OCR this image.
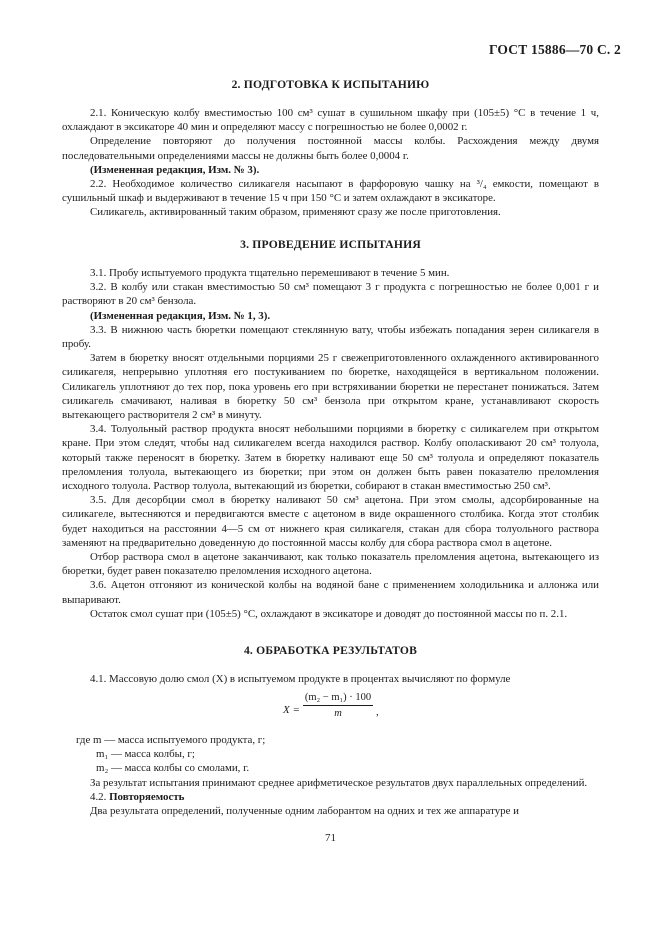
ГОСТ 15886—70 С. 2
2. ПОДГОТОВКА К ИСПЫТАНИЮ

2.1. Коническую колбу вместимостью 100 см³ сушат в сушильном шкафу при (105±5) °С в течение 1 ч, охлаждают в эксикаторе 40 мин и определяют массу с погрешностью не более 0,0002 г.

Определение повторяют до получения постоянной массы колбы. Расхождения между двумя последовательными определениями массы не должны быть более 0,0004 г.

(Измененная редакция, Изм. № 3).

2.2. Необходимое количество силикагеля насыпают в фарфоровую чашку на ³/₄ емкости, помещают в сушильный шкаф и выдерживают в течение 15 ч при 150 °С и затем охлаждают в эксикаторе.

Силикагель, активированный таким образом, применяют сразу же после приготовления.

3. ПРОВЕДЕНИЕ ИСПЫТАНИЯ

3.1. Пробу испытуемого продукта тщательно перемешивают в течение 5 мин.

3.2. В колбу или стакан вместимостью 50 см³ помещают 3 г продукта с погрешностью не более 0,001 г и растворяют в 20 см³ бензола.

(Измененная редакция, Изм. № 1, 3).

3.3. В нижнюю часть бюретки помещают стеклянную вату, чтобы избежать попадания зерен силикагеля в пробу.

Затем в бюретку вносят отдельными порциями 25 г свежеприготовленного охлажденного активированного силикагеля, непрерывно уплотняя его постукиванием по бюретке, находящейся в вертикальном положении. Силикагель уплотняют до тех пор, пока уровень его при встряхивании бюретки не перестанет понижаться. Затем силикагель смачивают, наливая в бюретку 50 см³ бензола при открытом кране, устанавливают скорость вытекающего растворителя 2 см³ в минуту.

3.4. Толуольный раствор продукта вносят небольшими порциями в бюретку с силикагелем при открытом кране. При этом следят, чтобы над силикагелем всегда находился раствор. Колбу ополаскивают 20 см³ толуола, который также переносят в бюретку. Затем в бюретку наливают еще 50 см³ толуола и определяют показатель преломления толуола, вытекающего из бюретки; при этом он должен быть равен показателю преломления исходного толуола. Раствор толуола, вытекающий из бюретки, собирают в стакан вместимостью 250 см³.

3.5. Для десорбции смол в бюретку наливают 50 см³ ацетона. При этом смолы, адсорбированные на силикагеле, вытесняются и передвигаются вместе с ацетоном в виде окрашенного столбика. Когда этот столбик будет находиться на расстоянии 4—5 см от нижнего края силикагеля, стакан для сбора толуольного раствора заменяют на предварительно доведенную до постоянной массы колбу для сбора раствора смол в ацетоне.

Отбор раствора смол в ацетоне заканчивают, как только показатель преломления ацетона, вытекающего из бюретки, будет равен показателю преломления исходного ацетона.

3.6. Ацетон отгоняют из конической колбы на водяной бане с применением холодильника и аллонжа или выпаривают.

Остаток смол сушат при (105±5) °С, охлаждают в эксикаторе и доводят до постоянной массы по п. 2.1.

4. ОБРАБОТКА РЕЗУЛЬТАТОВ

4.1. Массовую долю смол (X) в испытуемом продукте в процентах вычисляют по формуле

$X = \frac{\text{(m₂ − m₁) · 100}}{m}$ ,
где m — масса испытуемого продукта, г;
m₁ — масса колбы, г;
m₂ — масса колбы со смолами, г.

За результат испытания принимают среднее арифметическое результатов двух параллельных определений.

4.2. Повторяемость

Два результата определений, полученные одним лаборантом на одних и тех же аппаратуре и

71
